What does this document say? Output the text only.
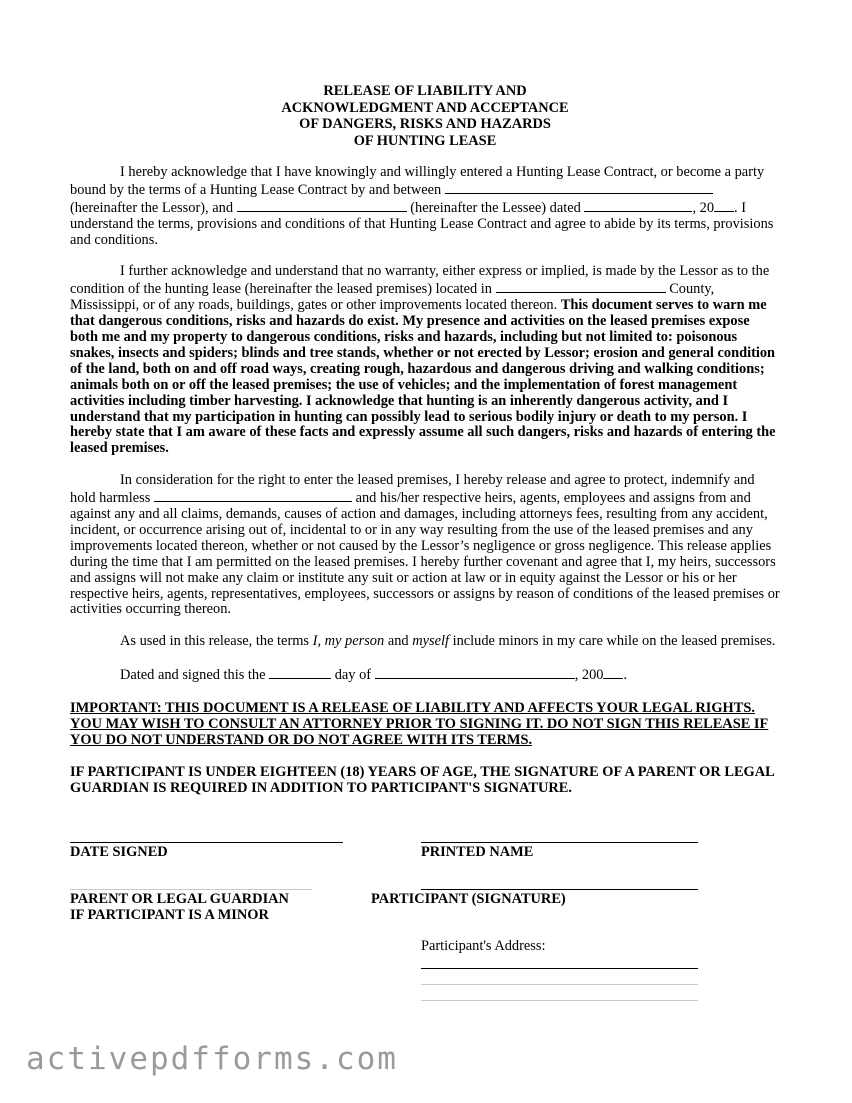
RELEASE OF LIABILITY AND
ACKNOWLEDGMENT AND ACCEPTANCE
OF DANGERS, RISKS AND HAZARDS
OF HUNTING LEASE

I hereby acknowledge that I have knowingly and willingly entered a Hunting Lease Contract, or become a party bound by the terms of a Hunting Lease Contract by and between  (hereinafter the Lessor), and	(hereinafter the Lessee) dated	, 20 . I understand the terms, provisions and conditions of that Hunting Lease Contract and agree to abide by its terms, provisions and conditions.

I further acknowledge and understand that no warranty, either express or implied, is made by the Lessor as to the condition of the hunting lease (hereinafter the leased premises) located in	County, Mississippi, or of any roads, buildings, gates or other improvements located thereon. This document serves to warn me that dangerous conditions, risks and hazards do exist. My presence and activities on the leased premises expose both me and my property to dangerous conditions, risks and hazards, including but not limited to: poisonous snakes, insects and spiders; blinds and tree stands, whether or not erected by Lessor; erosion and general condition of the land, both on and off road ways, creating rough, hazardous and dangerous driving and walking conditions; animals both on or off the leased premises; the use of vehicles; and the implementation of forest management activities including timber harvesting. I acknowledge that hunting is an inherently dangerous activity, and I understand that my participation in hunting can possibly lead to serious bodily injury or death to my person. I hereby state that I am aware of these facts and expressly assume all such dangers, risks and hazards of entering the leased premises.

In consideration for the right to enter the leased premises, I hereby release and agree to protect, indemnify and hold harmless	and his/her respective heirs, agents, employees and assigns from and against any and all claims, demands, causes of action and damages, including attorneys fees, resulting from any accident, incident, or occurrence arising out of, incidental to or in any way resulting from the use of the leased premises and any improvements located thereon, whether or not caused by the Lessor’s negligence or gross negligence. This release applies during the time that I am permitted on the leased premises. I hereby further covenant and agree that I, my heirs, successors and assigns will not make any claim or institute any suit or action at law or in equity against the Lessor or his or her respective heirs, agents, representatives, employees, successors or assigns by reason of conditions of the leased premises or activities occurring thereon.

As used in this release, the terms I, my person and myself include minors in my care while on the leased premises.

Dated and signed this the	day of	, 200 .

IMPORTANT: THIS DOCUMENT IS A RELEASE OF LIABILITY AND AFFECTS YOUR LEGAL RIGHTS. YOU MAY WISH TO CONSULT AN ATTORNEY PRIOR TO SIGNING IT. DO NOT SIGN THIS RELEASE IF YOU DO NOT UNDERSTAND OR DO NOT AGREE WITH ITS TERMS.

IF PARTICIPANT IS UNDER EIGHTEEN (18) YEARS OF AGE, THE SIGNATURE OF A PARENT OR LEGAL GUARDIAN IS REQUIRED IN ADDITION TO PARTICIPANT'S SIGNATURE.

DATE SIGNED	PRINTED NAME
PARENT OR LEGAL GUARDIAN
IF PARTICIPANT IS A MINOR
PARTICIPANT (SIGNATURE)
Participant's Address:
activepdfforms.com
